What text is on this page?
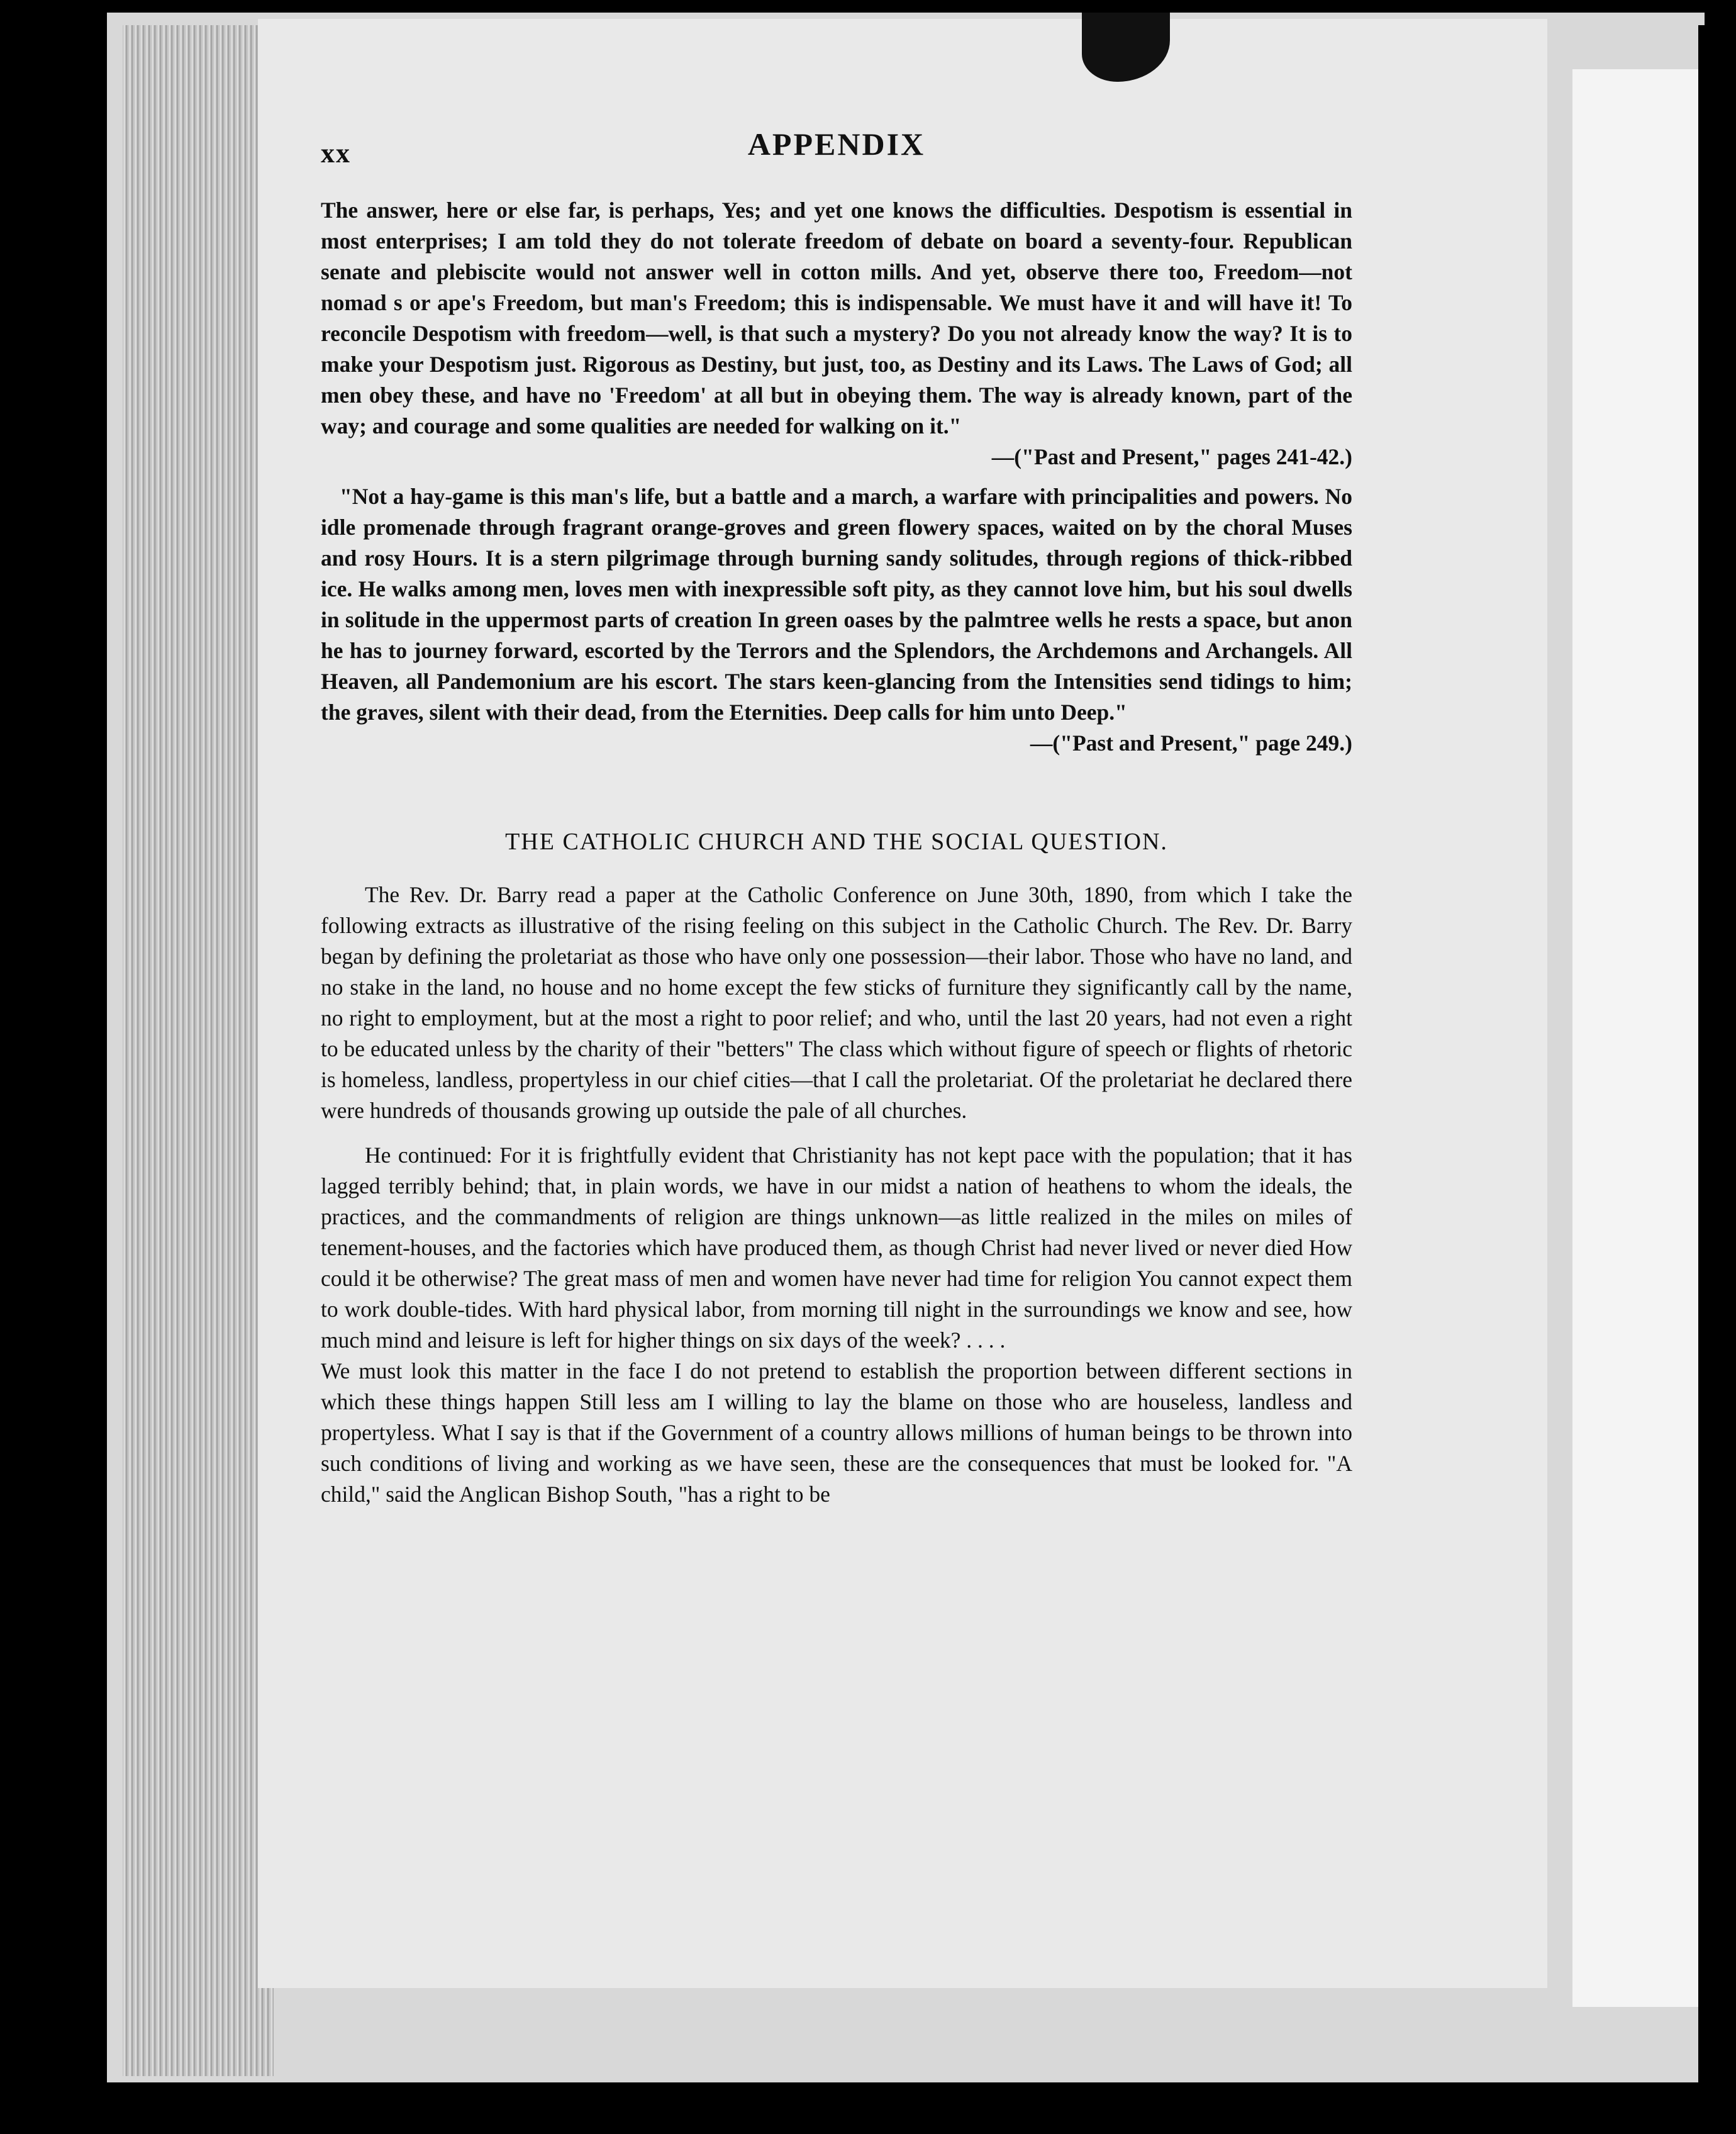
xx	APPENDIX

The answer, here or else far, is perhaps, Yes; and yet one knows the difficulties. Despotism is essential in most enterprises; I am told they do not tolerate freedom of debate on board a seventy-four. Republican senate and plebiscite would not answer well in cotton mills. And yet, observe there too, Freedom—not nomad s or ape's Freedom, but man's Freedom; this is indispensable. We must have it and will have it! To reconcile Despotism with freedom—well, is that such a mystery? Do you not already know the way? It is to make your Despotism just. Rigorous as Destiny, but just, too, as Destiny and its Laws. The Laws of God; all men obey these, and have no 'Freedom' at all but in obeying them. The way is already known, part of the way; and courage and some qualities are needed for walking on it."

—("Past and Present," pages 241-42.)

"Not a hay-game is this man's life, but a battle and a march, a warfare with principalities and powers. No idle promenade through fragrant orange-groves and green flowery spaces, waited on by the choral Muses and rosy Hours. It is a stern pilgrimage through burning sandy solitudes, through regions of thick-ribbed ice. He walks among men, loves men with inexpressible soft pity, as they cannot love him, but his soul dwells in solitude in the uppermost parts of creation In green oases by the palmtree wells he rests a space, but anon he has to journey forward, escorted by the Terrors and the Splendors, the Archdemons and Archangels. All Heaven, all Pandemonium are his escort. The stars keen-glancing from the Intensities send tidings to him; the graves, silent with their dead, from the Eternities. Deep calls for him unto Deep."

—("Past and Present," page 249.)

THE CATHOLIC CHURCH AND THE SOCIAL QUESTION.

The Rev. Dr. Barry read a paper at the Catholic Conference on June 30th, 1890, from which I take the following extracts as illustrative of the rising feeling on this subject in the Catholic Church. The Rev. Dr. Barry began by defining the proletariat as those who have only one possession—their labor. Those who have no land, and no stake in the land, no house and no home except the few sticks of furniture they significantly call by the name, no right to employment, but at the most a right to poor relief; and who, until the last 20 years, had not even a right to be educated unless by the charity of their "betters" The class which without figure of speech or flights of rhetoric is homeless, landless, propertyless in our chief cities—that I call the proletariat. Of the proletariat he declared there were hundreds of thousands growing up outside the pale of all churches.

He continued: For it is frightfully evident that Christianity has not kept pace with the population; that it has lagged terribly behind; that, in plain words, we have in our midst a nation of heathens to whom the ideals, the practices, and the commandments of religion are things unknown—as little realized in the miles on miles of tenement-houses, and the factories which have produced them, as though Christ had never lived or never died How could it be otherwise? The great mass of men and women have never had time for religion You cannot expect them to work double-tides. With hard physical labor, from morning till night in the surroundings we know and see, how much mind and leisure is left for higher things on six days of the week? . . . .

We must look this matter in the face I do not pretend to establish the proportion between different sections in which these things happen Still less am I willing to lay the blame on those who are houseless, landless and propertyless. What I say is that if the Government of a country allows millions of human beings to be thrown into such conditions of living and working as we have seen, these are the consequences that must be looked for. "A child," said the Anglican Bishop South, "has a right to be
